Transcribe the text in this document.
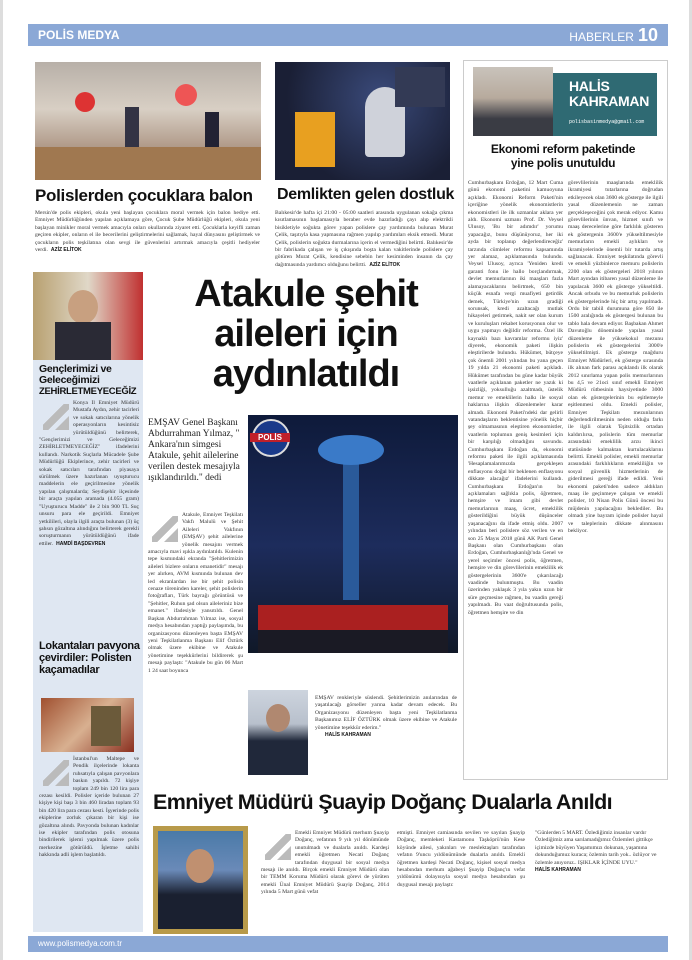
POLİS MEDYA	HABERLER 10
Polislerden çocuklara balon
Mersin'de polis ekipleri, okula yeni başlayan çocuklara moral vermek için balon hediye etti. Emniyet Müdürlüğünden yapılan açıklamaya göre, Çocuk Şube Müdürlüğü ekipleri, okula yeni başlayan minikler moral vermek amacıyla onları okullarında ziyaret etti. Çocuklarla keyifli zaman geçiren ekipler, onların el ile becerilerini geliştirmelerini sağlamak, hayal dünyasını geliştirmek ve çocukların polis teşkilatına olan sevgi ile güvenlerini artırmak amacıyla çeşitli hediyeler verdi. AZİZ ELİTOK
Demlikten gelen dostluk
Balıkesir'de hafta içi 21:00 - 05:00 saatleri arasında uygulanan sokağa çıkma kısıtlamasının başlamasıyla beraber evde hazırladığı çayı alıp elektrikli bisikletiyle soğukta görev yapan polislere çay yardımında bulunan Murat Çelik, taşıtıyla kasa yapmasına rağmen yapılıp yardımları eksik etmedi. Murat Çelik, polislerin soğukta durmalarına içerin el vermediğini belirtti. Balıkesir'de bir fabrikada çalışan ve iş çıkışında boşta kalan vakitlerinde polislere çay götüren Murat Çelik, kendisine sebebin her kesiminden insanın da çay dağıtmasında yardımcı olduğunu belirtti. AZİZ ELİTOK
HALİS
KAHRAMAN
polisbasinmedya@gmail.com
Ekonomi reform paketinde yine polis unutuldu
Cumhurbaşkanı Erdoğan, 12 Mart Cuma günü ekonomi paketini kamuoyuna açıkladı. Ekonomi Reform Paketi'nin içeriğine yönelik ekonomistlerin ekonomistleri ile ilk uzmanlar aklara yer aldı. Ekonomi uzmanı Prof. Dr. Veysel Ulusoy, 'Bu bir adımdır' yorumu yapacağız, bunu düşünüyoruz, her iki ayda bir toplanıp değerlendireceğiz' tarzında cümleler reformu kapsamında yer alamaz, açıklamasında bulundu. Veysel Ulusoy, ayrıca 'Yeniden kredi garanti fonu ile hallo borçlandırmak, devlet memurlarının iki maaşları fazla alamayacaklarını belirtmek, 650 bin küçük esnafa vergi muafiyeti getirdik demek, Türkiye'nin uzun gradiği sorunsak, kredi azaltacağı mutlak hikayeleri getirmek, nakit ser olan kurum ve kuruluşları rekabet korusyonun olur ve uygu yapmayı değildir reforma. Özel ilk kaynaklı bazı kavramlar reformu iyiz' diyerek, ekonomik paketi ilişkin eleştirilerde bulundu. Hükümet, bütçeye çok önemli 2001 yılından bu yana geçen 19 yılda 21 ekonomi paketi açıkladı. Hükümet tarafından bu güne kadar büyük vaatlerle açıklanan paketler ne yazık ki işsizliği, yoksulluğu azaltmadı, üstelik memur ve emeklilerin halkı ile sosyal haklarına ilişkin düzenlemeler karar almadı. Ekonomi Paketi'ndeki dar gelirli vatandaşların beklentisine yönelik hiçbir şey olmamasının eleştiren ekonomistler, vaatlerin toplumun geniş kesimleri için bir karşılığı olmadığını savundu. Cumhurbaşkanı Erdoğan da, ekonomi reformu paketi ile ilgili açıklamasında 'Hesaplamalarımızda gerçekleşen enflasyonu doğal bir beklenen enflasyonu dikkate alacağız' ifadelerini kullandı. Cumhurbaşkanı Erdoğan'ın bu açıklamaları sağlıkla polis, öğretmen, hemşire ve imam gibi devlet memurlarının maaş, ücret, emeklilik gösterildiğini büyük düşünceler yaşanacağını da ifade etmiş oldu. 2007 yılından beri polislere söz verilen ve en son 25 Mayıs 2018 günü AK Parti Genel Başkanı olan Cumhurbaşkanı olan Erdoğan, Cumhurbaşkanlığı'nda Genel ve yerel seçimler öncesi polis, öğretmen, hemşire ve din görevlilerinin emeklilik ek göstergelerinin 3600'e çıkarılacağı vaadinde bulunmuştu. Bu vaadin üzerinden yaklaşık 3 yıla yakın uzun bir süre geçmesine rağmen, bu vaadin gereği yapılmadı. Bu vaat doğrultusunda polis, öğretmen hemşire ve din
görevlilerinin maaşlarında emeklilik ikramiyesi tutarlarına doğrudan etkileyecek olan 3600 ek gösterge ile ilgili yasal düzenlemenin ne zaman gerçekleşeceğini çok merak ediyor. Kamu görevlilerinin ünvan, hizmet sınıfı ve maaş derecelerine göre farklılık gösteren ek göstergenin 3600'e yükseltilmesiyle memurların emekli aylıkları ve ikramiyelerinde önemli bir tutarda artış sağlanacak. Emniyet teşkilatında görevli ve emekli yüzbinlerce memuru polislerin 2200 olan ek göstergeleri 2018 yılının Mart ayından itibaren yasal düzenleme ile yapılacak 3600 ek gösterge yükseltildi. Ancak orbudu ve bu memurluk polislerin ek göstergelerinde hiç bir artış yapılmadı. Ordu bir tabiil durumuna göre 850 ile 1500 aralığında ek göstergesi bulunan bu tablo hala devam ediyor. Başbakan Ahmet Davutoğlu döneminde yapılan yasal düzenleme ile yüksekokul mezunu polislerin ek göstergelerini 3000'e yükseltilmişti. Ek gösterge mağduru Emniyet Müdürleri, ek gösterge sırasında ilk alınan fark parası açıklandı ilk olarak 2012 sınırlama yapan polis memurlarının bu 4,5 ve 21oci sınıf emekli Emniyet Müdürü rütbesinin haysiyetinde 3000 olan ek göstergelerinin bu eşitlemeyle eşitlenmesi oldu. Emekli polisler, Emniyet Teşkilatı mezunlarının değerlendirilmesinin neden olduğu farkı ile ilgili olarak 'Eşitsizlik ortadan kaldırılırsa, polislerin tüm memurlar arasındaki emeklilik arzu ikinci statüsünde kalmaktan kurtulacaklarını belirtti. Emekli polisler, emekli memurlar arasındaki farklılıkların emekliliğin ve sosyal güvenlik hizmetlerinin de giderilmesi gereği ifade edildi. Yeni ekonomi paketi'nden sadece aldıkları maaş ile geçinmeye çalışan ve emekli polisler, 10 Nisan Polis Günü öncesi bu müjdenin yapılacağını beklediler. Bu olmadı yine bayram içinde polisler hayal ve taleplerinin dikkate alınmasını bekliyor.
Gençlerimizi ve
Geleceğimizi
ZEHİRLETMEYECEĞİZ
Konya İl Emniyet Müdürü Mustafa Aydın, zehir tacirleri ve sokak satıcılarına yönelik operasyonların kesintisiz yürütüldüğünü belirterek, "Gençlerimizi ve Geleceğimizi ZEHİRLETMEYECEĞİZ" ifadelerini kullandı. Narkotik Suçlarla Mücadele Şube Müdürlüğü Ekiplerince, zehir tacirleri ve sokak satıcıları tarafından piyasaya sürülmek üzere hazırlanan uyuşturucu maddelerin ele geçirilmesine yönelik yapılan çalışmalarda; Seydişehir ilçesinde bir araçta yapılan aramada (4.055 gram) "Uyuşturucu Madde" ile 2 bin 900 TL Suç unsuru para ele geçirildi. Emniyet yetkilileri, olayla ilgili araçta bulunan (3) üç şahsın gözaltına alındığını belirterek gerekli soruşturmanın yürütüldüğünü ifade ettiler. HAMDİ BAŞDEVREN
Lokantaları pavyona çevirdiler: Polisten kaçamadılar
İstanbul'un Maltepe ve Pendik ilçelerinde lokanta ruhsatıyla çalışan pavyonlara baskın yapıldı. 72 kişiye toplam 249 bin 120 lira para cezası kesildi. Polisler içeride bulunan 27 kişiye kişi başı 3 bin 460 liradan toplam 93 bin 420 lira para cezası kesti. İşyerinde polis ekiplerine zorluk çıkaran bir kişi ise gözaltına alındı. Pavyonda bulunan kadınlar ise ekipler tarafından polis otosuna bindirilerek işlemi yapılmak üzere polis merkezine götürüldü. İşletme sahibi hakkında adli işlem başlatıldı.
Atakule şehit aileleri için aydınlatıldı
EMŞAV Genel Başkanı Abdurrahman Yılmaz, " Ankara'nın simgesi Atakule, şehit ailelerine verilen destek mesajıyla ışıklandırıldı." dedi
Atakule, Emniyet Teşkilatı Vakfı Malulü ve Şehit Aileleri Vakfının (EMŞAV) şehit ailelerine yönelik mesajını vermek amacıyla mavi ışıkla aydınlatıldı. Kulenin tepe kısmındaki ekranda "Şehitlerimizin aileleri bizlere onların emanetidir" mesajı yer alırken, AVM kısmında bulunan dev led ekranlardan ise bir şehit polisin cenaze töreninden kareler, şehit polislerin fotoğrafları, Türk bayrağı görüntüsü ve "Şehitler, Ruhun şad olsun aileleriniz bize emanet." ifadesiyle yansıtıldı. Genel Başkan Abdurrahman Yılmaz ise, sosyal medya hesabından yaptığı paylaşımda, bu organizasyonu düzenleyen başta EMŞAV yeni Teşkilatlanma Başkanı Elif Öztürk olmak üzere ekibine ve Atakule yönetimine teşekkürlerini bildirerek şu mesajı paylaştı: "Atakule bu gün 06 Mart 1 24 saat boyunca
POLİS
EMŞAV renkleriyle süslendi. Şehitlerimizin anılarından de yaşatılacağı görseller yarına kadar devam edecek. Bu Organizasyonu düzenleyen başta yeni Teşkilatlanma Başkanımız ELİF ÖZTÜRK olmak üzere ekibine ve Atakule yönetimine teşekkür ederim."
HALİS KAHRAMAN
Emniyet Müdürü Şuayip Doğanç Dualarla Anıldı
Emekli Emniyet Müdürü merhum Şuayip Doğanç, vefatının 9 yılı yıl dönümünde unutulmadı ve dualarla anıldı. Kardeşi emekli öğretmen Necati Doğanç tarafından duygusal bir sosyal medya mesajı ile anıldı. Birçok emekli Emniyet Müdürü olan bir TEMM Koruma Müdürü olarak görevi de yürüten emekli Ünal Emniyet Müdürü Şuayip Doğanç, 2014 yılında 5 Mart günü vefat
etmişti. Emniyet camiasında sevilen ve sayılan Şuayip Doğanç, memleketi Kastamonu Taşköprü'nün Kese köyünde ailesi, yakınları ve meslektaşları tarafından vefatın 9'uncu yıldönümünde dualarla anıldı. Emekli öğretmen kardeşi Necati Doğanç, kişisel sosyal medya hesabından merhum ağabeyi Şuayip Doğanç'ın vefat yıldönümü dolayısıyla sosyal medya hesabından şu duygusal mesajı paylaştı:
"Günlerden 5 MART. Özlediğimiz insanlar vardır Özlediğimiz ama sarılamadığımız Özlemleri gittikçe içimizde büyüyen Yaşamımızı dokunan, yaşamına dokunduğumuz kuraca; özlemin tarih yok.. özlüyor ve özlemle anıyoruz.. IŞIKLAR İÇİNDE UYU."
HALİS KAHRAMAN
www.polismedya.com.tr
